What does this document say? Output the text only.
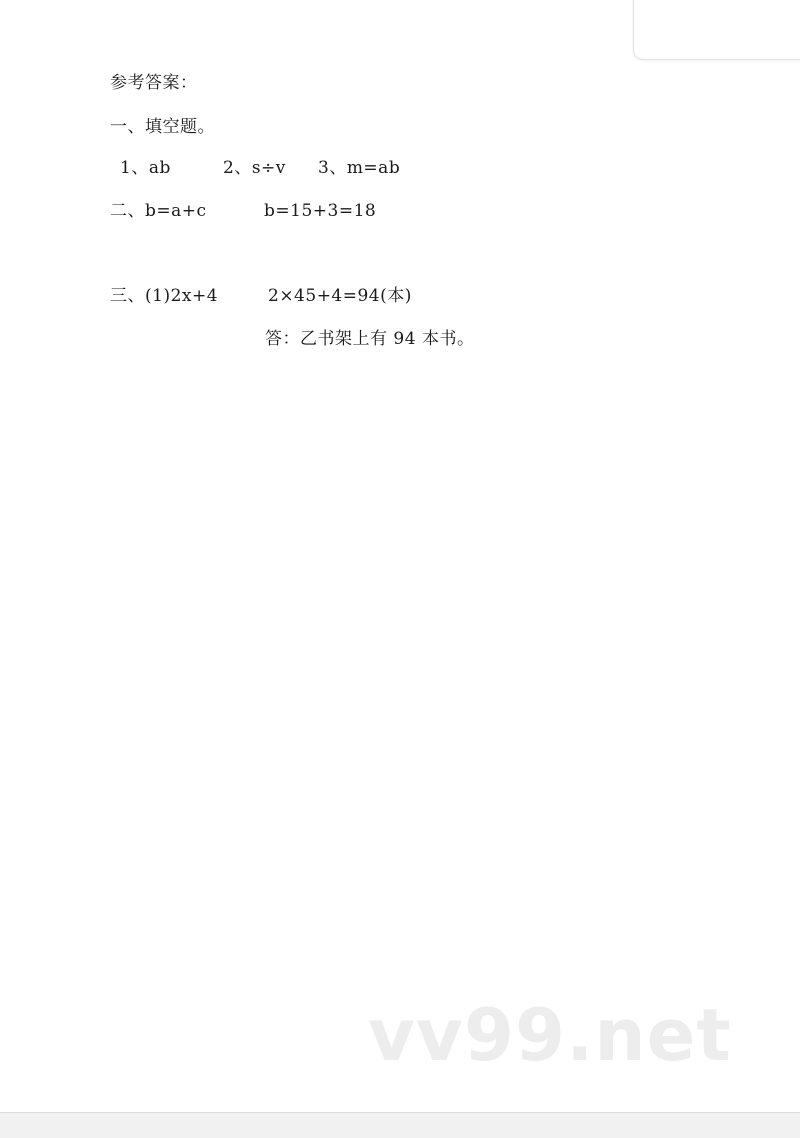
参考答案：
一、填空题。
1、ab	2、s÷v 3、m=ab
二、b=a+c	b=15+3=18
三、(1)2x+4	2×45+4=94(本)
答：乙书架上有 94 本书。
vv99.net
